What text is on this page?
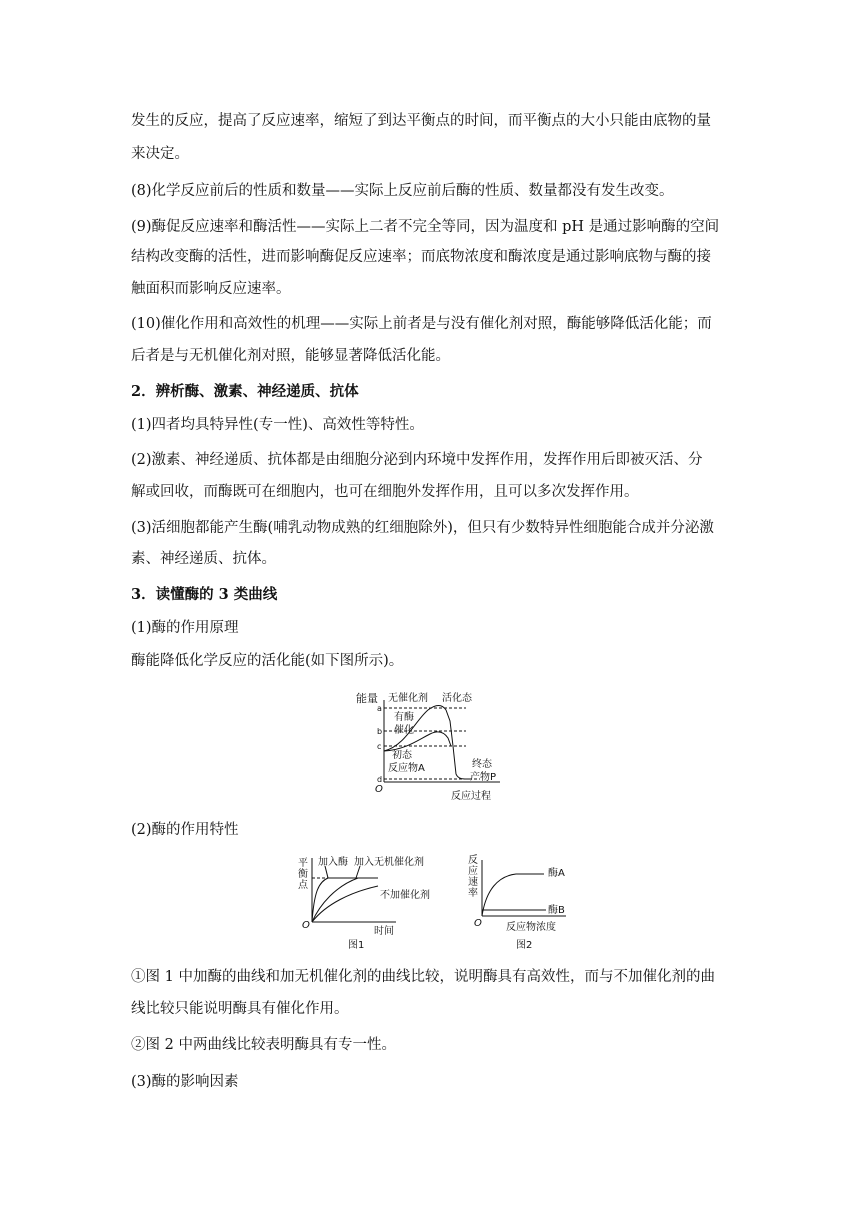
发生的反应，提高了反应速率，缩短了到达平衡点的时间，而平衡点的大小只能由底物的量
来决定。
(8)化学反应前后的性质和数量——实际上反应前后酶的性质、数量都没有发生改变。
(9)酶促反应速率和酶活性——实际上二者不完全等同，因为温度和 pH 是通过影响酶的空间
结构改变酶的活性，进而影响酶促反应速率；而底物浓度和酶浓度是通过影响底物与酶的接
触面积而影响反应速率。
(10)催化作用和高效性的机理——实际上前者是与没有催化剂对照，酶能够降低活化能；而
后者是与无机催化剂对照，能够显著降低活化能。
2．辨析酶、激素、神经递质、抗体
(1)四者均具特异性(专一性)、高效性等特性。
(2)激素、神经递质、抗体都是由细胞分泌到内环境中发挥作用，发挥作用后即被灭活、分
解或回收，而酶既可在细胞内，也可在细胞外发挥作用，且可以多次发挥作用。
(3)活细胞都能产生酶(哺乳动物成熟的红细胞除外)，但只有少数特异性细胞能合成并分泌激
素、神经递质、抗体。
3．读懂酶的 3 类曲线
(1)酶的作用原理
酶能降低化学反应的活化能(如下图所示)。
(2)酶的作用特性
①图 1 中加酶的曲线和加无机催化剂的曲线比较，说明酶具有高效性，而与不加催化剂的曲
线比较只能说明酶具有催化作用。
②图 2 中两曲线比较表明酶具有专一性。
(3)酶的影响因素
能量 无催化剂 活化态
a
b
c
d
有酶
催化
初态
反应物A	终态
产物P
O
反应过程
平
衡
点
加入酶 加入无机催化剂
不加催化剂
O
时间
图1
反
应
速
率
酶A
酶B
O 反应物浓度
图2
